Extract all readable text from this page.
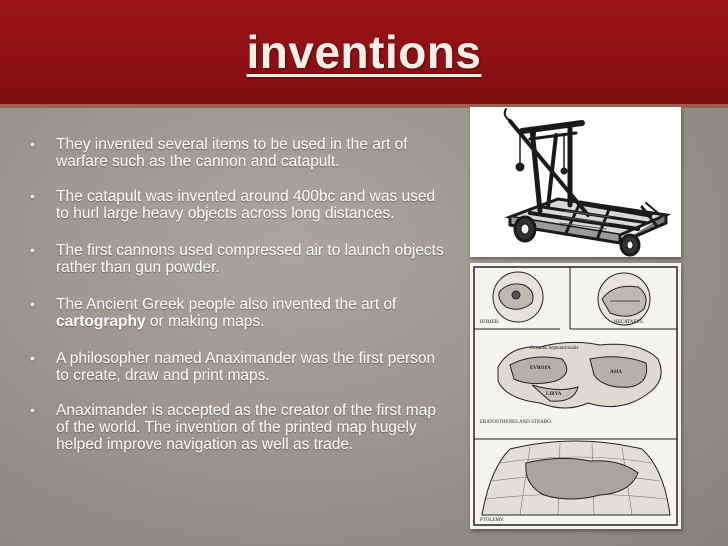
inventions
• They invented several items to be used in the art of warfare such as the cannon and catapult.
• The catapult was invented around 400bc and was used to hurl large heavy objects across long distances.
• The first cannons used compressed air to launch objects rather than gun powder.
• The Ancient Greek people also invented the art of cartography or making maps.
• A philosopher named Anaximander was the first person to create, draw and print maps.
• Anaximander is accepted as the creator of the first map of the world. The invention of the printed map hugely helped improve navigation as well as trade.
HOMER.	HECATAEUS.
Oceanus Septentrionalis
EVROPA
ASIA
LIBYA
ERATOSTHENES AND STRABO.
PTOLEMY.
